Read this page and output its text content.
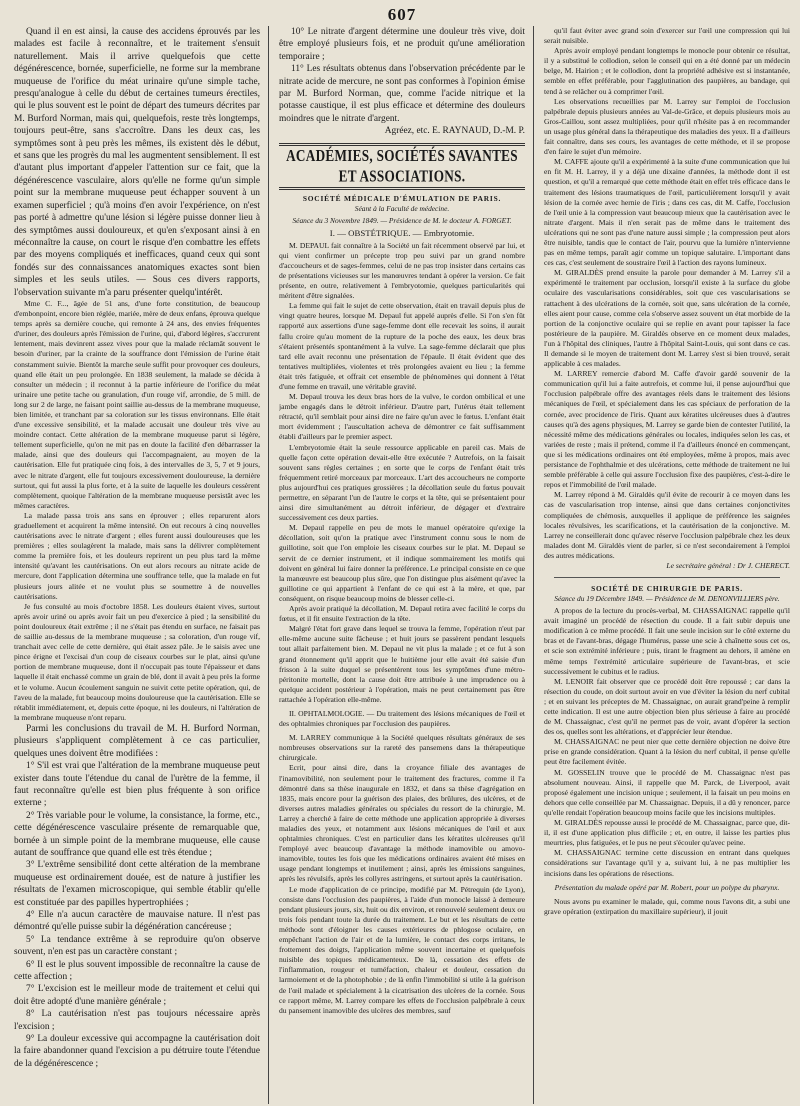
607

Quand il en est ainsi, la cause des accidens éprouvés par les malades est facile à reconnaître, et le traitement s'ensuit naturellement. Mais il arrive quelquefois que cette dégénérescence, bornée, superficielle, ne forme sur la membrane muqueuse de l'orifice du méat urinaire qu'une simple tache, presqu'analogue à celle du début de certaines tumeurs érectiles, qui le plus souvent est le point de départ des tumeurs décrites par M. Burford Norman, mais qui, quelquefois, reste très longtemps, toujours peut-être, sans s'accroître. Dans les deux cas, les symptômes sont à peu près les mêmes, ils existent dès le début, et sans que les progrès du mal les augmentent sensiblement. Il est d'autant plus important d'appeler l'attention sur ce fait, que la dégénérescence vasculaire, alors qu'elle ne forme qu'un simple point sur la membrane muqueuse peut échapper souvent à un examen superficiel ; qu'à moins d'en avoir l'expérience, on n'est pas porté à admettre qu'une lésion si légère puisse donner lieu à des symptômes aussi douloureux, et qu'en s'exposant ainsi à en méconnaître la cause, on court le risque d'en combattre les effets par des moyens compliqués et inefficaces, quand ceux qui sont fondés sur des connaissances anatomiques exactes sont bien simples et les seuls utiles. — Sous ces divers rapports, l'observation suivante m'a paru présenter quelqu'intérêt.

Mme C. F..., âgée de 51 ans, d'une forte constitution, de beaucoup d'embonpoint, encore bien réglée, mariée, mère de deux enfans, éprouva quelque temps après sa dernière couche, qui remonte à 24 ans, des envies fréquentes d'uriner, des douleurs après l'émission de l'urine, qui, d'abord légères, s'accrurent lentement, mais devinrent assez vives pour que la malade réclamât souvent le besoin d'uriner, par la crainte de la souffrance dont l'émission de l'urine était constamment suivie. Bientôt la marche seule suffit pour provoquer ces douleurs, quand elle était un peu prolongée. En 1838 seulement, la malade se décida à consulter un médecin ; il reconnut à la partie inférieure de l'orifice du méat urinaire une petite tache ou granulation, d'un rouge vif, arrondie, de 5 mill. de long sur 2 de large, ne faisant point saillie au-dessus de la membrane muqueuse, bien limitée, et tranchant par sa coloration sur les tissus environnans. Elle était d'une excessive sensibilité, et la malade accusait une douleur très vive au moindre contact. Cette altération de la membrane muqueuse parut si légère, tellement superficielle, qu'on ne mit pas en doute la facilité d'en débarrasser la malade, ainsi que des douleurs qui l'accompagnaient, au moyen de la cautérisation. Elle fut pratiquée cinq fois, à des intervalles de 3, 5, 7 et 9 jours, avec le nitrate d'argent, elle fut toujours excessivement douloureuse, la dernière surtout, qui fut aussi la plus forte, et à la suite de laquelle les douleurs cessèrent complètement, quoique l'altération de la membrane muqueuse persistât avec les mêmes caractères.

La malade passa trois ans sans en éprouver ; elles reparurent alors graduellement et acquirent la même intensité. On eut recours à cinq nouvelles cautérisations avec le nitrate d'argent ; elles furent aussi douloureuses que les premières ; elles soulagèrent la malade, mais sans la délivrer complètement comme la première fois, et les douleurs reprirent un peu plus tard la même intensité qu'avant les cautérisations. On eut alors recours au nitrate acide de mercure, dont l'application détermina une souffrance telle, que la malade en fut plusieurs jours alitée et ne voulut plus se soumettre à de nouvelles cautérisations.

Je fus consulté au mois d'octobre 1858. Les douleurs étaient vives, surtout après avoir uriné ou après avoir fait un peu d'exercice à pied ; la sensibilité du point douloureux était extrême ; il ne s'était pas étendu en surface, ne faisait pas de saillie au-dessus de la membrane muqueuse ; sa coloration, d'un rouge vif, tranchait avec celle de cette dernière, qui était assez pâle. Je le saisis avec une pince érigne et l'excisai d'un coup de ciseaux courbes sur le plat, ainsi qu'une portion de membrane muqueuse, dont il n'occupait pas toute l'épaisseur et dans laquelle il était enchassé comme un grain de blé, dont il avait à peu près la forme et le volume. Aucun écoulement sanguin ne suivit cette petite opération, qui, de l'aveu de la malade, fut beaucoup moins douloureuse que la cautérisation. Elle se rétablit immédiatement, et, depuis cette époque, ni les douleurs, ni l'altération de la membrane muqueuse n'ont reparu.

Parmi les conclusions du travail de M. H. Burford Norman, plusieurs s'appliquent complètement à ce cas particulier, quelques unes doivent être modifiées :

1° S'il est vrai que l'altération de la membrane muqueuse peut exister dans toute l'étendue du canal de l'urètre de la femme, il faut reconnaître qu'elle est bien plus fréquente à son orifice externe ;

2° Très variable pour le volume, la consistance, la forme, etc., cette dégénérescence vasculaire présente de remarquable que, bornée à un simple point de la membrane muqueuse, elle cause autant de souffrance que quand elle est très étendue ;

3° L'extrême sensibilité dont cette altération de la membrane muqueuse est ordinairement douée, est de nature à justifier les résultats de l'examen microscopique, qui semble établir qu'elle est constituée par des papilles hypertrophiées ;

4° Elle n'a aucun caractère de mauvaise nature. Il n'est pas démontré qu'elle puisse subir la dégénération cancéreuse ;

5° La tendance extrême à se reproduire qu'on observe souvent, n'en est pas un caractère constant ;

6° Il est le plus souvent impossible de reconnaître la cause de cette affection ;

7° L'excision est le meilleur mode de traitement et celui qui doit être adopté d'une manière générale ;

8° La cautérisation n'est pas toujours nécessaire après l'excision ;

9° La douleur excessive qui accompagne la cautérisation doit la faire abandonner quand l'excision a pu détruire toute l'étendue de la dégénérescence ;

10° Le nitrate d'argent détermine une douleur très vive, doit être employé plusieurs fois, et ne produit qu'une amélioration temporaire ;

11° Les résultats obtenus dans l'observation précédente par le nitrate acide de mercure, ne sont pas conformes à l'opinion émise par M. Burford Norman, que, comme l'acide nitrique et la potasse caustique, il est plus efficace et détermine des douleurs moindres que le nitrate d'argent.

Agréez, etc. E. RAYNAUD, D.-M. P.

ACADÉMIES, SOCIÉTÉS SAVANTES ET ASSOCIATIONS.
SOCIÉTÉ MÉDICALE D'ÉMULATION DE PARIS.
Séant à la Faculté de médecine.
Séance du 3 Novembre 1849. — Présidence de M. le docteur A. FORGET.
I. — OBSTÉTRIQUE. — Embryotomie.

M. DEPAUL fait connaître à la Société un fait récemment observé par lui, et qui vient confirmer un précepte trop peu suivi par un grand nombre d'accoucheurs et de sages-femmes, celui de ne pas trop insister dans certains cas de présentations vicieuses sur les manœuvres tendant à opérer la version. Ce fait présente, en outre, relativement à l'embryotomie, quelques particularités qui méritent d'être signalées.

La femme qui fait le sujet de cette observation, était en travail depuis plus de vingt quatre heures, lorsque M. Depaul fut appelé auprès d'elle. Si l'on s'en fût rapporté aux assertions d'une sage-femme dont elle recevait les soins, il aurait fallu croire qu'au moment de la rupture de la poche des eaux, les deux bras s'étaient présentés spontanément à la vulve. La sage-femme déclarait que plus tard elle avait reconnu une présentation de l'épaule. Il était évident que des tentatives multipliées, violentes et très prolongées avaient eu lieu ; la femme était très fatiguée, et offrait cet ensemble de phénomènes qui donnent à l'état d'une femme en travail, une véritable gravité.

M. Depaul trouva les deux bras hors de la vulve, le cordon ombilical et une jambe engagés dans le détroit inférieur. D'autre part, l'utérus était tellement rétracté, qu'il semblait pour ainsi dire ne faire qu'un avec le fœtus. L'enfant était mort évidemment ; l'auscultation acheva de démontrer ce fait suffisamment établi d'ailleurs par le premier aspect.

L'embryotomie était la seule ressource applicable en pareil cas. Mais de quelle façon cette opération devait-elle être exécutée ? Autrefois, on la faisait souvent sans règles certaines ; en sorte que le corps de l'enfant était très fréquemment retiré morceaux par morceaux. L'art des accoucheurs ne comporte plus aujourd'hui ces pratiques grossières ; la décollation seule du fœtus pouvait permettre, en séparant l'un de l'autre le corps et la tête, qui se présentaient pour ainsi dire simultanément au détroit inférieur, de dégager et d'extraire successivement ces deux parties.

M. Depaul rappelle en peu de mots le manuel opératoire qu'exige la décollation, soit qu'on la pratique avec l'instrument connu sous le nom de guillotine, soit que l'on emploie les ciseaux courbes sur le plat. M. Depaul se servit de ce dernier instrument, et il indique sommairement les motifs qui doivent en général lui faire donner la préférence. Le principal consiste en ce que la manœuvre est beaucoup plus sûre, que l'on distingue plus aisément qu'avec la guillotine ce qui appartient à l'enfant de ce qui est à la mère, et que, par conséquent, on risque beaucoup moins de blesser celle-ci.

Après avoir pratiqué la décollation, M. Depaul retira avec facilité le corps du fœtus, et il fit ensuite l'extraction de la tête.

Malgré l'état fort grave dans lequel se trouva la femme, l'opération n'eut par elle-même aucune suite fâcheuse ; et huit jours se passèrent pendant lesquels tout allait parfaitement bien. M. Depaul ne vit plus la malade ; et ce fut à son grand étonnement qu'il apprit que le huitième jour elle avait été saisie d'un frisson à la suite duquel se présentèrent tous les symptômes d'une métro-péritonite mortelle, dont la cause doit être attribuée à une imprudence ou à quelque accident postérieur à l'opération, mais ne peut certainement pas être rattachée à l'opération elle-même.

II. OPHTALMOLOGIE. — Du traitement des lésions mécaniques de l'œil et des ophtalmies chroniques par l'occlusion des paupières.

M. LARREY communique à la Société quelques résultats généraux de ses nombreuses observations sur la rareté des pansemens dans la thérapeutique chirurgicale.

Ecrit, pour ainsi dire, dans la croyance filiale des avantages de l'inamovibilité, non seulement pour le traitement des fractures, comme il l'a démontré dans sa thèse inaugurale en 1832, et dans sa thèse d'agrégation en 1835, mais encore pour la guérison des plaies, des brûlures, des ulcères, et de diverses autres maladies générales ou spéciales du ressort de la chirurgie, M. Larrey a cherché à faire de cette méthode une application appropriée à diverses maladies des yeux, et notamment aux lésions mécaniques de l'œil et aux ophtalmies chroniques. C'est en particulier dans les kératites ulcéreuses qu'il l'employé avec beaucoup d'avantage la méthode inamovible ou amovo-inamovible, toutes les fois que les médications ordinaires avaient été mises en usage pendant longtemps et inutilement ; ainsi, après les émissions sanguines, après les révulsifs, après les collyres astringens, et surtout après la cautérisation.

Le mode d'application de ce principe, modifié par M. Pétrequin (de Lyon), consiste dans l'occlusion des paupières, à l'aide d'un monocle laissé à demeure pendant plusieurs jours, six, huit ou dix environ, et renouvelé seulement deux ou trois fois pendant toute la durée du traitement. Le but et les résultats de cette méthode sont d'éloigner les causes extérieures de phlogose oculaire, en empêchant l'action de l'air et de la lumière, le contact des corps irritans, le frottement des doigts, l'application même souvent incertaine et quelquefois nuisible des topiques médicamenteux. De là, cessation des effets de l'inflammation, rougeur et tuméfaction, chaleur et douleur, cessation du larmoiement et de la photophobie ; de là enfin l'immobilité si utile à la guérison de l'œil malade et spécialement à la cicatrisation des ulcères de la cornée. Sous ce rapport même, M. Larrey compare les effets de l'occlusion palpébrale à ceux du pansement inamovible des ulcères des membres, sauf

qu'il faut éviter avec grand soin d'exercer sur l'œil une compression qui lui serait nuisible.

Après avoir employé pendant longtemps le monocle pour obtenir ce résultat, il y a substitué le collodion, selon le conseil qui en a été donné par un médecin belge, M. Hairion ; et le collodion, dont la propriété adhésive est si instantanée, semble en effet préférable, pour l'agglutination des paupières, au bandage, qui tend à se relâcher ou à comprimer l'œil.

Les observations recueillies par M. Larrey sur l'emploi de l'occlusion palpébrale depuis plusieurs années au Val-de-Grâce, et depuis plusieurs mois au Gros-Caillou, sont assez multipliées, pour qu'il n'hésite pas à en recommander un usage plus général dans la thérapeutique des maladies des yeux. Il a d'ailleurs fait connaître, dans ses cours, les avantages de cette méthode, et il se propose d'en faire le sujet d'un mémoire.

M. CAFFE ajoute qu'il a expérimenté à la suite d'une communication que lui en fit M. H. Larrey, il y a déjà une dixaine d'années, la méthode dont il est question, et qu'il a remarqué que cette méthode était en effet très efficace dans le traitement des lésions traumatiques de l'œil, particulièrement lorsqu'il y avait lésion de la cornée avec hernie de l'iris ; dans ces cas, dit M. Caffe, l'occlusion de l'œil unie à la compression vaut beaucoup mieux que la cautérisation avec le nitrate d'argent. Mais il n'en serait pas de même dans le traitement des ulcérations qui ne sont pas d'une nature aussi simple ; la compression peut alors être nuisible, tandis que le contact de l'air, pourvu que la lumière n'intervienne pas en même temps, paraît agir comme un topique salutaire. L'important dans ces cas, c'est seulement de soustraire l'œil à l'action des rayons lumineux.

M. GIRALDÈS prend ensuite la parole pour demander à M. Larrey s'il a expérimenté le traitement par occlusion, lorsqu'il existe à la surface du globe oculaire des vascularisations considérables, soit que ces vascularisations se rattachent à des ulcérations de la cornée, soit que, sans ulcération de la cornée, elles aient pour cause, comme cela s'observe assez souvent un état morbide de la portion de la conjonctive oculaire qui se replie en avant pour tapisser la face postérieure de la paupière. M. Giraldès observe en ce moment deux malades, l'un à l'hôpital des cliniques, l'autre à l'hôpital Saint-Louis, qui sont dans ce cas. Il demande si le moyen de traitement dont M. Larrey s'est si bien trouvé, serait applicable à ces malades.

M. LARREY remercie d'abord M. Caffe d'avoir gardé souvenir de la communication qu'il lui a faite autrefois, et comme lui, il pense aujourd'hui que l'occlusion palpébrale offre des avantages réels dans le traitement des lésions mécaniques de l'œil, et spécialement dans les cas spéciaux de perforation de la cornée, avec procidence de l'iris. Quant aux kératites ulcéreuses dues à d'autres causes qu'à des agens physiques, M. Larrey se garde bien de contester l'utilité, la nécessité même des médications générales ou locales, indiquées selon les cas, et variées de reste ; mais il prétend, comme il l'a d'ailleurs énoncé en commençant, que si les médications ordinaires ont été employées, même à propos, mais avec persistance de l'ophthalmie et des ulcérations, cette méthode de traitement ne lui semble préférable à celle qui assure l'occlusion fixe des paupières, c'est-à-dire le repos et l'immobilité de l'œil malade.

M. Larrey répond à M. Giraldès qu'il évite de recourir à ce moyen dans les cas de vascularisation trop intense, ainsi que dans certaines conjonctivites compliquées de chémosis, auxquelles il applique de préférence les saignées locales révulsives, les scarifications, et la cautérisation de la conjonctive. M. Larrey ne conseillerait donc qu'avec réserve l'occlusion palpébrale chez les deux malades dont M. Giraldès vient de parler, si ce n'est secondairement à l'emploi des autres médications.

Le secrétaire général : Dr J. CHERECT.

SOCIÉTÉ DE CHIRURGIE DE PARIS.
Séance du 19 Décembre 1849. — Présidence de M. DENONVILLIERS père.

A propos de la lecture du procès-verbal, M. CHASSAIGNAC rappelle qu'il avait imaginé un procédé de résection du coude. Il a fait subir depuis une modification à ce même procédé. Il fait une seule incision sur le côté externe du bras et de l'avant-bras, dégage l'humérus, passe une scie à chaînette sous cet os, et scie son extrémité inférieure ; puis, tirant le fragment au dehors, il amène en même temps l'extrémité articulaire supérieure de l'avant-bras, et scie successivement le cubitus et le radius.

M. LENOIR fait observer que ce procédé doit être repoussé ; car dans la résection du coude, on doit surtout avoir en vue d'éviter la lésion du nerf cubital ; et en suivant les préceptes de M. Chassaignac, on aurait grand'peine à remplir cette indication. Il est une autre objection bien plus sérieuse à faire au procédé de M. Chassaignac, c'est qu'il ne permet pas de voir, avant d'opérer la section des os, quelles sont les altérations, et d'apprécier leur étendue.

M. CHASSAIGNAC ne peut nier que cette dernière objection ne doive être prise en grande considération. Quant à la lésion du nerf cubital, il pense qu'elle peut être facilement évitée.

M. GOSSELIN trouve que le procédé de M. Chassaignac n'est pas absolument nouveau. Ainsi, il rappelle que M. Parck, de Liverpool, avait proposé également une incision unique ; seulement, il la faisait un peu moins en dehors que celle conseillée par M. Chassaignac. Depuis, il a dû y renoncer, parce qu'elle rendait l'opération beaucoup moins facile que les incisions multiples.

M. GIRALDÈS repousse aussi le procédé de M. Chassaignac, parce que, dit-il, il est d'une application plus difficile ; et, en outre, il laisse les parties plus meurtries, plus fatiguées, et le pus ne peut s'écouler qu'avec peine.

M. CHASSAIGNAC termine cette discussion en entrant dans quelques considérations sur l'avantage qu'il y a, suivant lui, à ne pas multiplier les incisions dans les opérations de résections.

Présentation du malade opéré par M. Robert, pour un polype du pharynx.

Nous avons pu examiner le malade, qui, comme nous l'avons dit, a subi une grave opération (extirpation du maxillaire supérieur), il jouit
